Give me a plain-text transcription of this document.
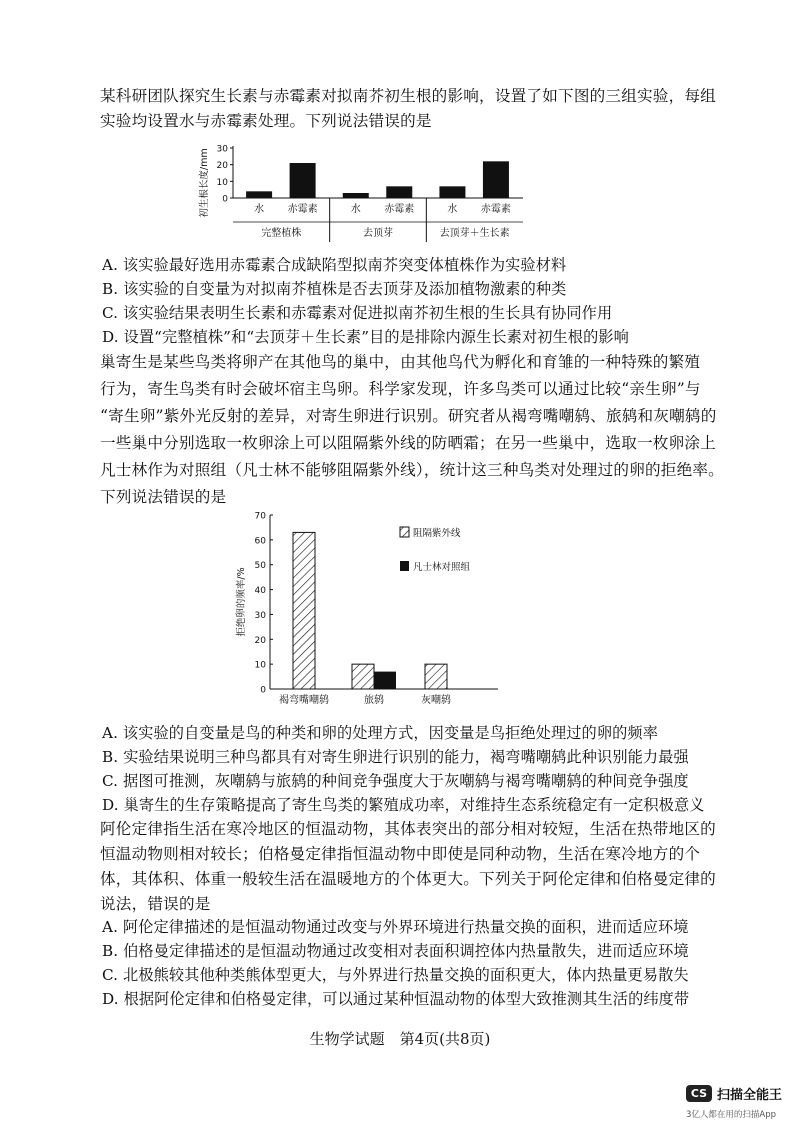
某科研团队探究生长素与赤霉素对拟南芥初生根的影响，设置了如下图的三组实验，每组
实验均设置水与赤霉素处理。下列说法错误的是
30
20
10
0
初生根长度/mm	水 赤霉素	水 赤霉素	水 赤霉素
完整植株	去顶芽	去顶芽＋生长素
A. 该实验最好选用赤霉素合成缺陷型拟南芥突变体植株作为实验材料
B. 该实验的自变量为对拟南芥植株是否去顶芽及添加植物激素的种类
C. 该实验结果表明生长素和赤霉素对促进拟南芥初生根的生长具有协同作用
D. 设置“完整植株”和“去顶芽＋生长素”目的是排除内源生长素对初生根的影响
巢寄生是某些鸟类将卵产在其他鸟的巢中，由其他鸟代为孵化和育雏的一种特殊的繁殖
行为，寄生鸟类有时会破坏宿主鸟卵。科学家发现，许多鸟类可以通过比较“亲生卵”与
“寄生卵”紫外光反射的差异，对寄生卵进行识别。研究者从褐弯嘴嘲鸫、旅鸫和灰嘲鸫的
一些巢中分别选取一枚卵涂上可以阻隔紫外线的防晒霜；在另一些巢中，选取一枚卵涂上
凡士林作为对照组（凡士林不能够阻隔紫外线），统计这三种鸟类对处理过的卵的拒绝率。
下列说法错误的是
70
60
50
40
30
20
10
0
拒绝卵的频率/%
褐弯嘴嘲鸫	旅鸫	灰嘲鸫
阻隔紫外线
凡士林对照组
A. 该实验的自变量是鸟的种类和卵的处理方式，因变量是鸟拒绝处理过的卵的频率
B. 实验结果说明三种鸟都具有对寄生卵进行识别的能力，褐弯嘴嘲鸫此种识别能力最强
C. 据图可推测，灰嘲鸫与旅鸫的种间竞争强度大于灰嘲鸫与褐弯嘴嘲鸫的种间竞争强度
D. 巢寄生的生存策略提高了寄生鸟类的繁殖成功率，对维持生态系统稳定有一定积极意义
阿伦定律指生活在寒冷地区的恒温动物，其体表突出的部分相对较短，生活在热带地区的
恒温动物则相对较长；伯格曼定律指恒温动物中即使是同种动物，生活在寒冷地方的个
体，其体积、体重一般较生活在温暖地方的个体更大。下列关于阿伦定律和伯格曼定律的
说法，错误的是
A. 阿伦定律描述的是恒温动物通过改变与外界环境进行热量交换的面积，进而适应环境
B. 伯格曼定律描述的是恒温动物通过改变相对表面积调控体内热量散失，进而适应环境
C. 北极熊较其他种类熊体型更大，与外界进行热量交换的面积更大，体内热量更易散失
D. 根据阿伦定律和伯格曼定律，可以通过某种恒温动物的体型大致推测其生活的纬度带
生物学试题　第4页(共8页)
CS 扫描全能王
3亿人都在用的扫描App
